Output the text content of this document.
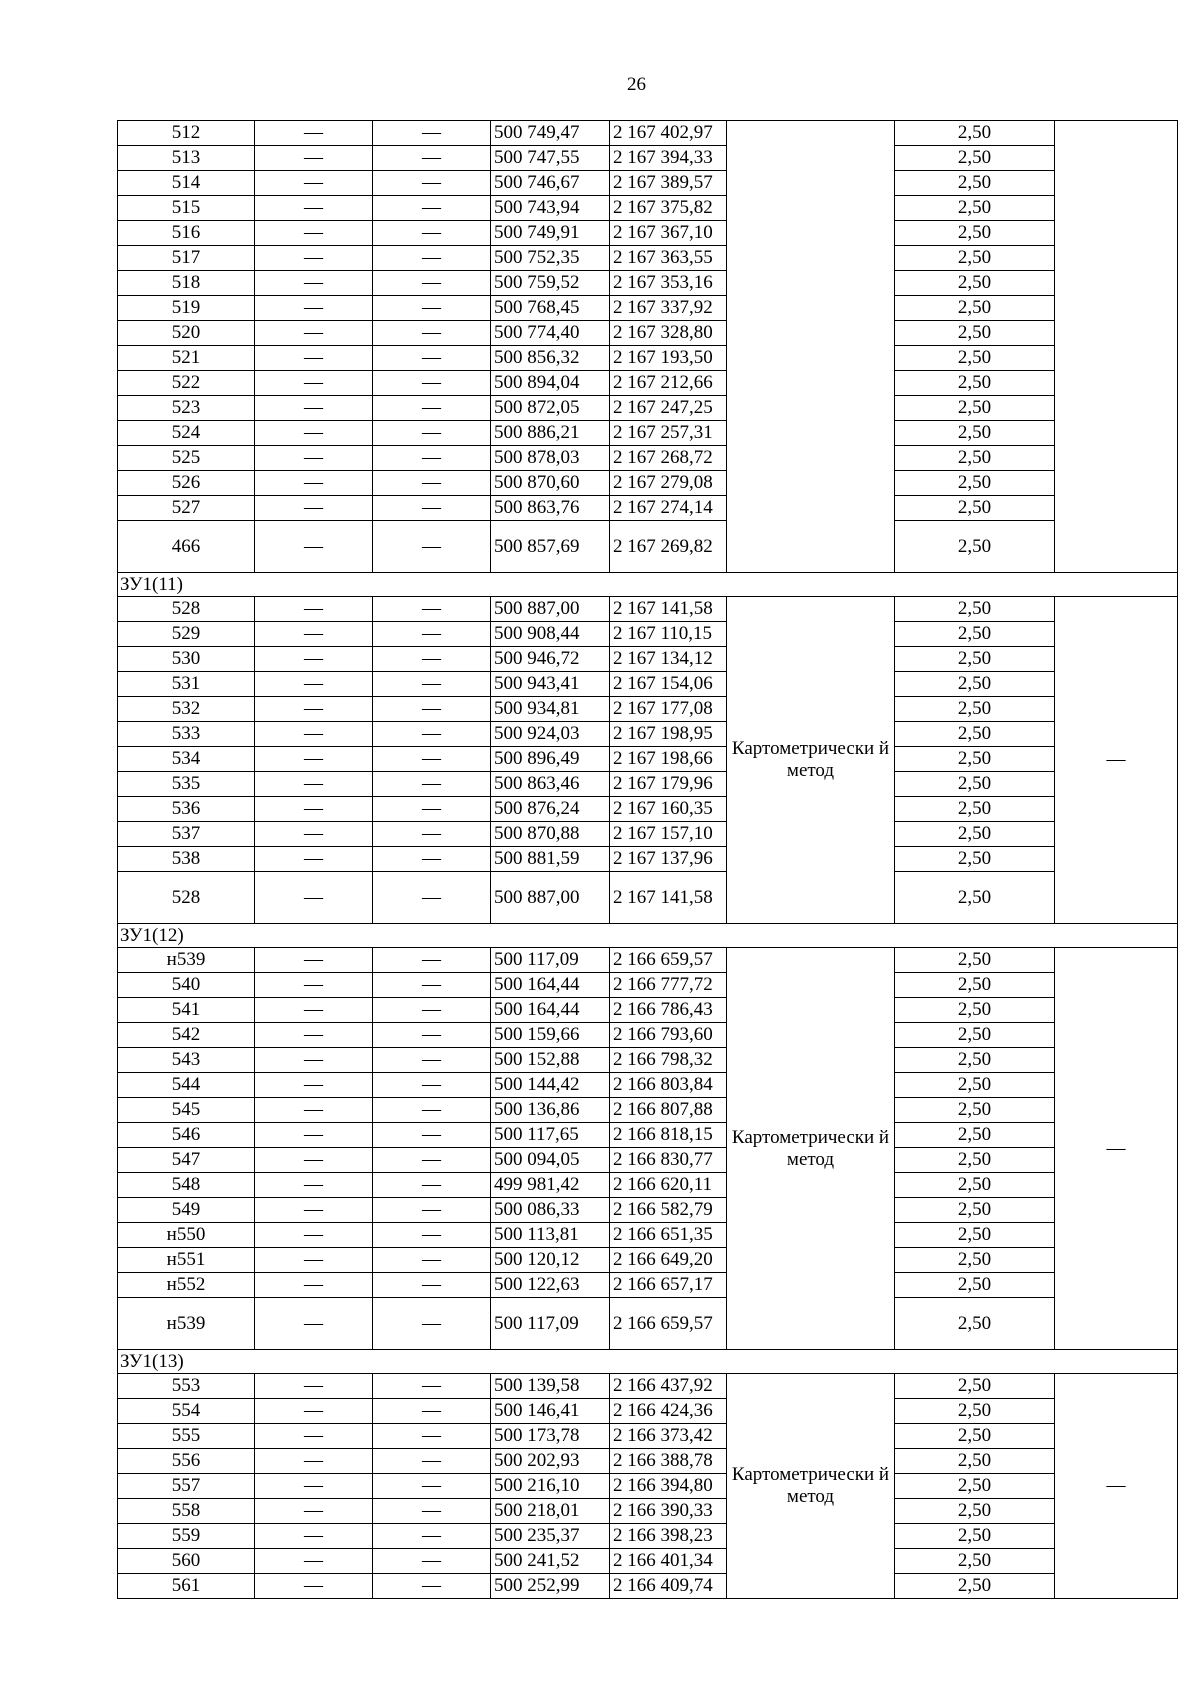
26
512	—	—	500 749,47	2 167 402,97		2,50	
513	—	—	500 747,55	2 167 394,33		2,50	
514	—	—	500 746,67	2 167 389,57		2,50	
515	—	—	500 743,94	2 167 375,82		2,50	
516	—	—	500 749,91	2 167 367,10		2,50	
517	—	—	500 752,35	2 167 363,55		2,50	
518	—	—	500 759,52	2 167 353,16		2,50	
519	—	—	500 768,45	2 167 337,92		2,50	
520	—	—	500 774,40	2 167 328,80		2,50	
521	—	—	500 856,32	2 167 193,50		2,50	
522	—	—	500 894,04	2 167 212,66		2,50	
523	—	—	500 872,05	2 167 247,25		2,50	
524	—	—	500 886,21	2 167 257,31		2,50	
525	—	—	500 878,03	2 167 268,72		2,50	
526	—	—	500 870,60	2 167 279,08		2,50	
527	—	—	500 863,76	2 167 274,14		2,50	
466	—	—	500 857,69	2 167 269,82		2,50	
ЗУ1(11)							
528	—	—	500 887,00	2 167 141,58	Картометрически й метод	2,50	—
529	—	—	500 908,44	2 167 110,15		2,50	
530	—	—	500 946,72	2 167 134,12		2,50	
531	—	—	500 943,41	2 167 154,06		2,50	
532	—	—	500 934,81	2 167 177,08		2,50	
533	—	—	500 924,03	2 167 198,95		2,50	
534	—	—	500 896,49	2 167 198,66		2,50	
535	—	—	500 863,46	2 167 179,96		2,50	
536	—	—	500 876,24	2 167 160,35		2,50	
537	—	—	500 870,88	2 167 157,10		2,50	
538	—	—	500 881,59	2 167 137,96		2,50	
528	—	—	500 887,00	2 167 141,58		2,50	
ЗУ1(12)							
н539	—	—	500 117,09	2 166 659,57	Картометрически й метод	2,50	—
540	—	—	500 164,44	2 166 777,72		2,50	
541	—	—	500 164,44	2 166 786,43		2,50	
542	—	—	500 159,66	2 166 793,60		2,50	
543	—	—	500 152,88	2 166 798,32		2,50	
544	—	—	500 144,42	2 166 803,84		2,50	
545	—	—	500 136,86	2 166 807,88		2,50	
546	—	—	500 117,65	2 166 818,15		2,50	
547	—	—	500 094,05	2 166 830,77		2,50	
548	—	—	499 981,42	2 166 620,11		2,50	
549	—	—	500 086,33	2 166 582,79		2,50	
н550	—	—	500 113,81	2 166 651,35		2,50	
н551	—	—	500 120,12	2 166 649,20		2,50	
н552	—	—	500 122,63	2 166 657,17		2,50	
н539	—	—	500 117,09	2 166 659,57		2,50	
ЗУ1(13)							
553	—	—	500 139,58	2 166 437,92	Картометрически й метод	2,50	—
554	—	—	500 146,41	2 166 424,36		2,50	
555	—	—	500 173,78	2 166 373,42		2,50	
556	—	—	500 202,93	2 166 388,78		2,50	
557	—	—	500 216,10	2 166 394,80		2,50	
558	—	—	500 218,01	2 166 390,33		2,50	
559	—	—	500 235,37	2 166 398,23		2,50	
560	—	—	500 241,52	2 166 401,34		2,50	
561	—	—	500 252,99	2 166 409,74		2,50	
